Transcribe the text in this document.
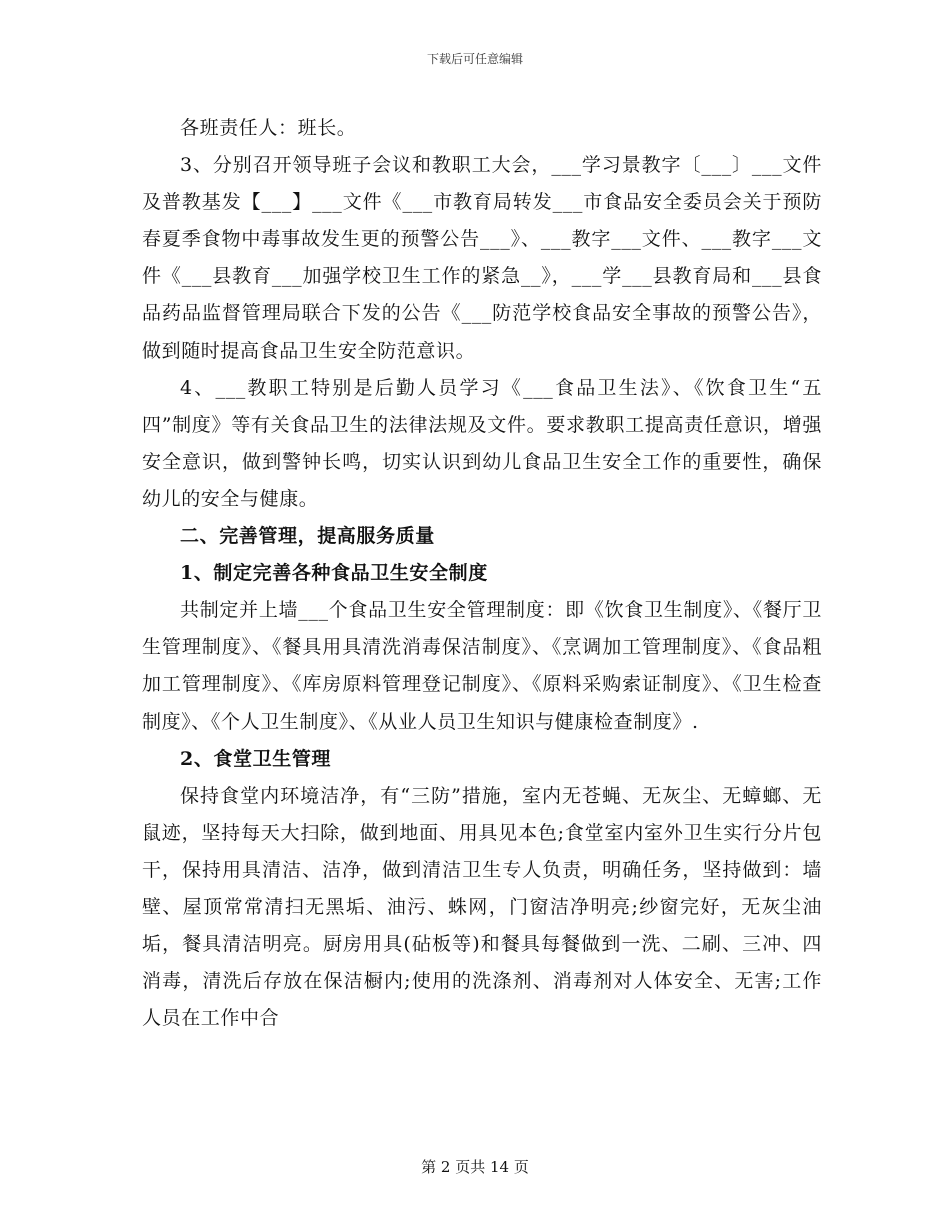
下载后可任意编辑

各班责任人：班长。

3、分别召开领导班子会议和教职工大会，___学习景教字〔___〕___文件及普教基发【___】___文件《___市教育局转发___市食品安全委员会关于预防春夏季食物中毒事故发生更的预警公告___》、___教字___文件、___教字___文件《___县教育___加强学校卫生工作的紧急__》，___学___县教育局和___县食品药品监督管理局联合下发的公告《___防范学校食品安全事故的预警公告》，做到随时提高食品卫生安全防范意识。

4、___教职工特别是后勤人员学习《___食品卫生法》、《饮食卫生“五四”制度》等有关食品卫生的法律法规及文件。要求教职工提高责任意识，增强安全意识，做到警钟长鸣，切实认识到幼儿食品卫生安全工作的重要性，确保幼儿的安全与健康。

二、完善管理，提高服务质量

1、制定完善各种食品卫生安全制度

共制定并上墙___个食品卫生安全管理制度：即《饮食卫生制度》、《餐厅卫生管理制度》、《餐具用具清洗消毒保洁制度》、《烹调加工管理制度》、《食品粗加工管理制度》、《库房原料管理登记制度》、《原料采购索证制度》、《卫生检查制度》、《个人卫生制度》、《从业人员卫生知识与健康检查制度》.

2、食堂卫生管理

保持食堂内环境洁净，有“三防”措施，室内无苍蝇、无灰尘、无蟑螂、无鼠迹，坚持每天大扫除，做到地面、用具见本色;食堂室内室外卫生实行分片包干，保持用具清洁、洁净，做到清洁卫生专人负责，明确任务，坚持做到：墙壁、屋顶常常清扫无黑垢、油污、蛛网，门窗洁净明亮;纱窗完好，无灰尘油垢，餐具清洁明亮。厨房用具(砧板等)和餐具每餐做到一洗、二刷、三冲、四消毒，清洗后存放在保洁橱内;使用的洗涤剂、消毒剂对人体安全、无害;工作人员在工作中合

第 2 页共 14 页
